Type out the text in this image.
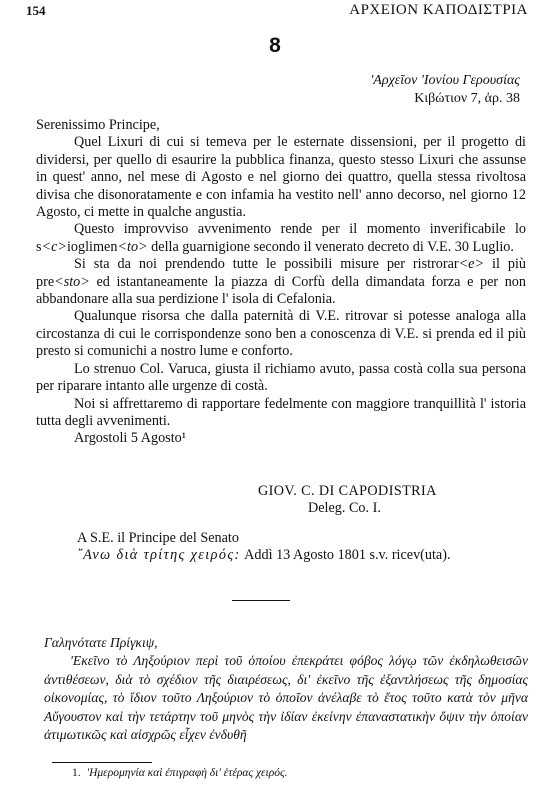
154	ΑΡΧΕΙΟΝ ΚΑΠΟΔΙΣΤΡΙΑ
8
'Αρχεῖον 'Ιονίου Γερουσίας
Κιβώτιον 7, ἀρ. 38

Serenissimo Principe,

Quel Lixuri di cui si temeva per le esternate dissensioni, per il progetto di dividersi, per quello di esaurire la pubblica finanza, questo stesso Lixuri che assunse in quest' anno, nel mese di Agosto e nel giorno dei quattro, quella stessa rivoltosa divisa che disonoratamente e con infamia ha vestito nell' anno decorso, nel giorno 12 Agosto, ci mette in qualche angustia.

Questo improvviso avvenimento rende per il momento inverificabile lo s<c>ioglimen<to> della guarnigione secondo il venerato decreto di V.E. 30 Luglio.

Si sta da noi prendendo tutte le possibili misure per ristrorar<e> il più pre<sto> ed istantaneamente la piazza di Corfù della dimandata forza e per non abbandonare alla sua perdizione l' isola di Cefalonia.

Qualunque risorsa che dalla paternità di V.E. ritrovar si potesse analoga alla circostanza di cui le corrispondenze sono ben a conoscenza di V.E. si prenda ed il più presto si comunichi a nostro lume e conforto.

Lo strenuo Col. Varuca, giusta il richiamo avuto, passa costà colla sua persona per riparare intanto alle urgenze di costà.

Noi si affrettaremo di rapportare fedelmente con maggiore tranquillità l' istoria tutta degli avvenimenti.

Argostoli 5 Agosto¹

GIOV. C. DI CAPODISTRIA
Deleg. Co. I.
A S.E. il Principe del Senato
῎Ανω διὰ τρίτης χειρός: Addì 13 Agosto 1801 s.v. ricev(uta).

Γαληνότατε Πρίγκιψ,

'Εκεῖνο τὸ Ληξούριον περὶ τοῦ ὁποίου ἐπεκράτει φόβος λόγῳ τῶν ἐκδηλωθεισῶν ἀντιθέσεων, διὰ τὸ σχέδιον τῆς διαιρέσεως, δι' ἐκεῖνο τῆς ἐξαντλήσεως τῆς δημοσίας οἰκονομίας, τὸ ἴδιον τοῦτο Ληξούριον τὸ ὁποῖον ἀνέλαβε τὸ ἔτος τοῦτο κατὰ τὸν μῆνα Αὔγουστον καὶ τὴν τετάρτην τοῦ μηνὸς τὴν ἰδίαν ἐκείνην ἐπαναστατικὴν ὄψιν τὴν ὁποίαν ἀτιμωτικῶς καὶ αἰσχρῶς εἶχεν ἐνδυθῆ

1. 'Ημερομηνία καὶ ἐπιγραφὴ δι' ἑτέρας χειρός.
